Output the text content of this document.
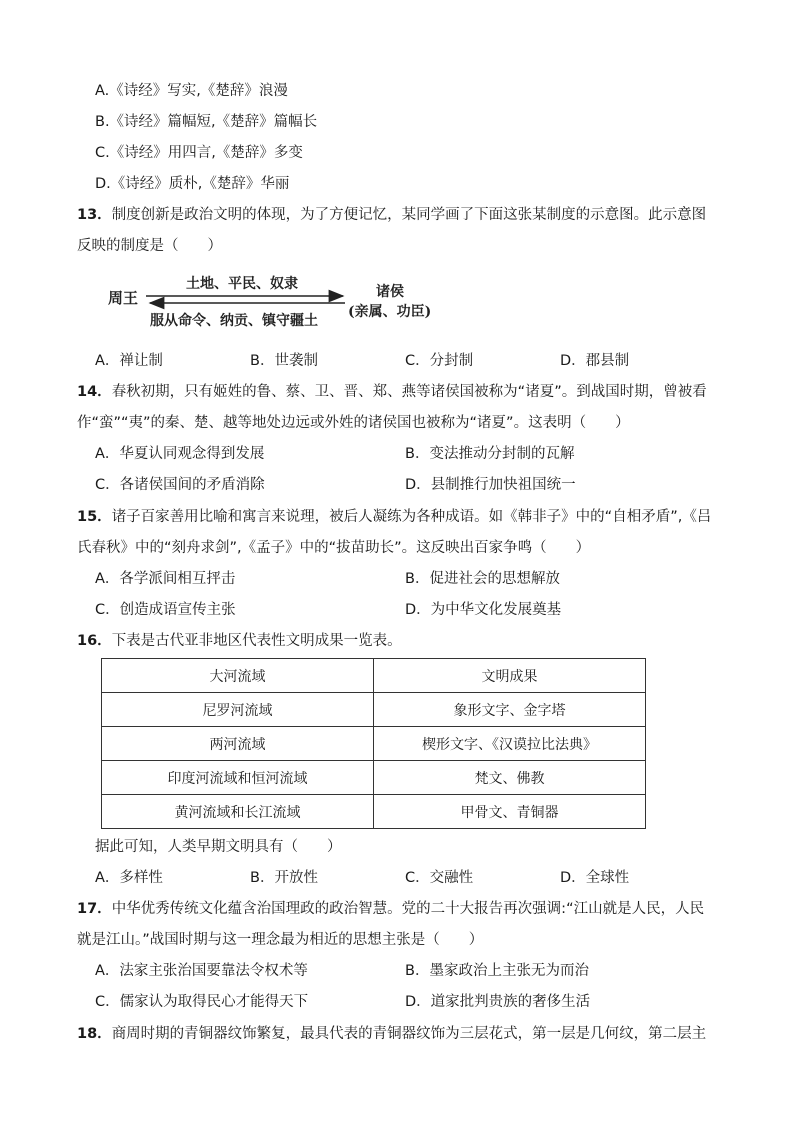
A.《诗经》写实,《楚辞》浪漫
B.《诗经》篇幅短,《楚辞》篇幅长
C.《诗经》用四言,《楚辞》多变
D.《诗经》质朴,《楚辞》华丽
13．制度创新是政治文明的体现，为了方便记忆，某同学画了下面这张某制度的示意图。此示意图
反映的制度是（　　）
周王
土地、平民、奴隶
服从命令、纳贡、镇守疆土
诸侯
(亲属、功臣)
A．禅让制	B．世袭制	C．分封制	D．郡县制
14．春秋初期，只有姬姓的鲁、蔡、卫、晋、郑、燕等诸侯国被称为“诸夏”。到战国时期，曾被看
作“蛮”“夷”的秦、楚、越等地处边远或外姓的诸侯国也被称为“诸夏”。这表明（　　）
A．华夏认同观念得到发展	B．变法推动分封制的瓦解
C．各诸侯国间的矛盾消除	D．县制推行加快祖国统一
15．诸子百家善用比喻和寓言来说理，被后人凝练为各种成语。如《韩非子》中的“自相矛盾”,《吕
氏春秋》中的“刻舟求剑”,《孟子》中的“拔苗助长”。这反映出百家争鸣（　　）
A．各学派间相互抨击	B．促进社会的思想解放
C．创造成语宣传主张	D．为中华文化发展奠基
16．下表是古代亚非地区代表性文明成果一览表。
大河流域	文明成果
尼罗河流域	象形文字、金字塔
两河流域	楔形文字、《汉谟拉比法典》
印度河流域和恒河流域	梵文、佛教
黄河流域和长江流域	甲骨文、青铜器
据此可知，人类早期文明具有（　　）
A．多样性	B．开放性	C．交融性	D．全球性
17．中华优秀传统文化蕴含治国理政的政治智慧。党的二十大报告再次强调:“江山就是人民，人民
就是江山。”战国时期与这一理念最为相近的思想主张是（　　）
A．法家主张治国要靠法令权术等	B．墨家政治上主张无为而治
C．儒家认为取得民心才能得天下	D．道家批判贵族的奢侈生活
18．商周时期的青铜器纹饰繁复，最具代表的青铜器纹饰为三层花式，第一层是几何纹，第二层主
